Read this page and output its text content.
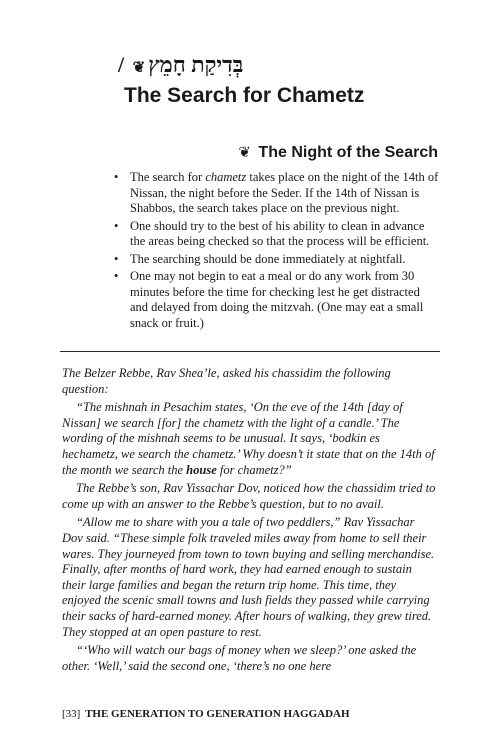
בְּדִיקַת חָמֵץ❦ /
The Search for Chametz
❦ The Night of the Search
• The search for chametz takes place on the night of the 14th of Nissan, the night before the Seder. If the 14th of Nissan is Shabbos, the search takes place on the previous night.
• One should try to the best of his ability to clean in advance the areas being checked so that the process will be efficient.
• The searching should be done immediately at nightfall.
• One may not begin to eat a meal or do any work from 30 minutes before the time for checking lest he get distracted and delayed from doing the mitzvah. (One may eat a small snack or fruit.)

The Belzer Rebbe, Rav Shea’le, asked his chassidim the following question:

“The mishnah in Pesachim states, ‘On the eve of the 14th [day of Nissan] we search [for] the chametz with the light of a candle.’ The wording of the mishnah seems to be unusual. It says, ‘bodkin es hechametz, we search the chametz.’ Why doesn’t it state that on the 14th of the month we search the house for chametz?”

The Rebbe’s son, Rav Yissachar Dov, noticed how the chassidim tried to come up with an answer to the Rebbe’s question, but to no avail.

“Allow me to share with you a tale of two peddlers,” Rav Yissachar Dov said. “These simple folk traveled miles away from home to sell their wares. They journeyed from town to town buying and selling merchandise. Finally, after months of hard work, they had earned enough to sustain their large families and began the return trip home. This time, they enjoyed the scenic small towns and lush fields they passed while carrying their sacks of hard-earned money. After hours of walking, they grew tired. They stopped at an open pasture to rest.

“‘Who will watch our bags of money when we sleep?’ one asked the other. ‘Well,’ said the second one, ‘there’s no one here

[33] THE GENERATION TO GENERATION HAGGADAH
